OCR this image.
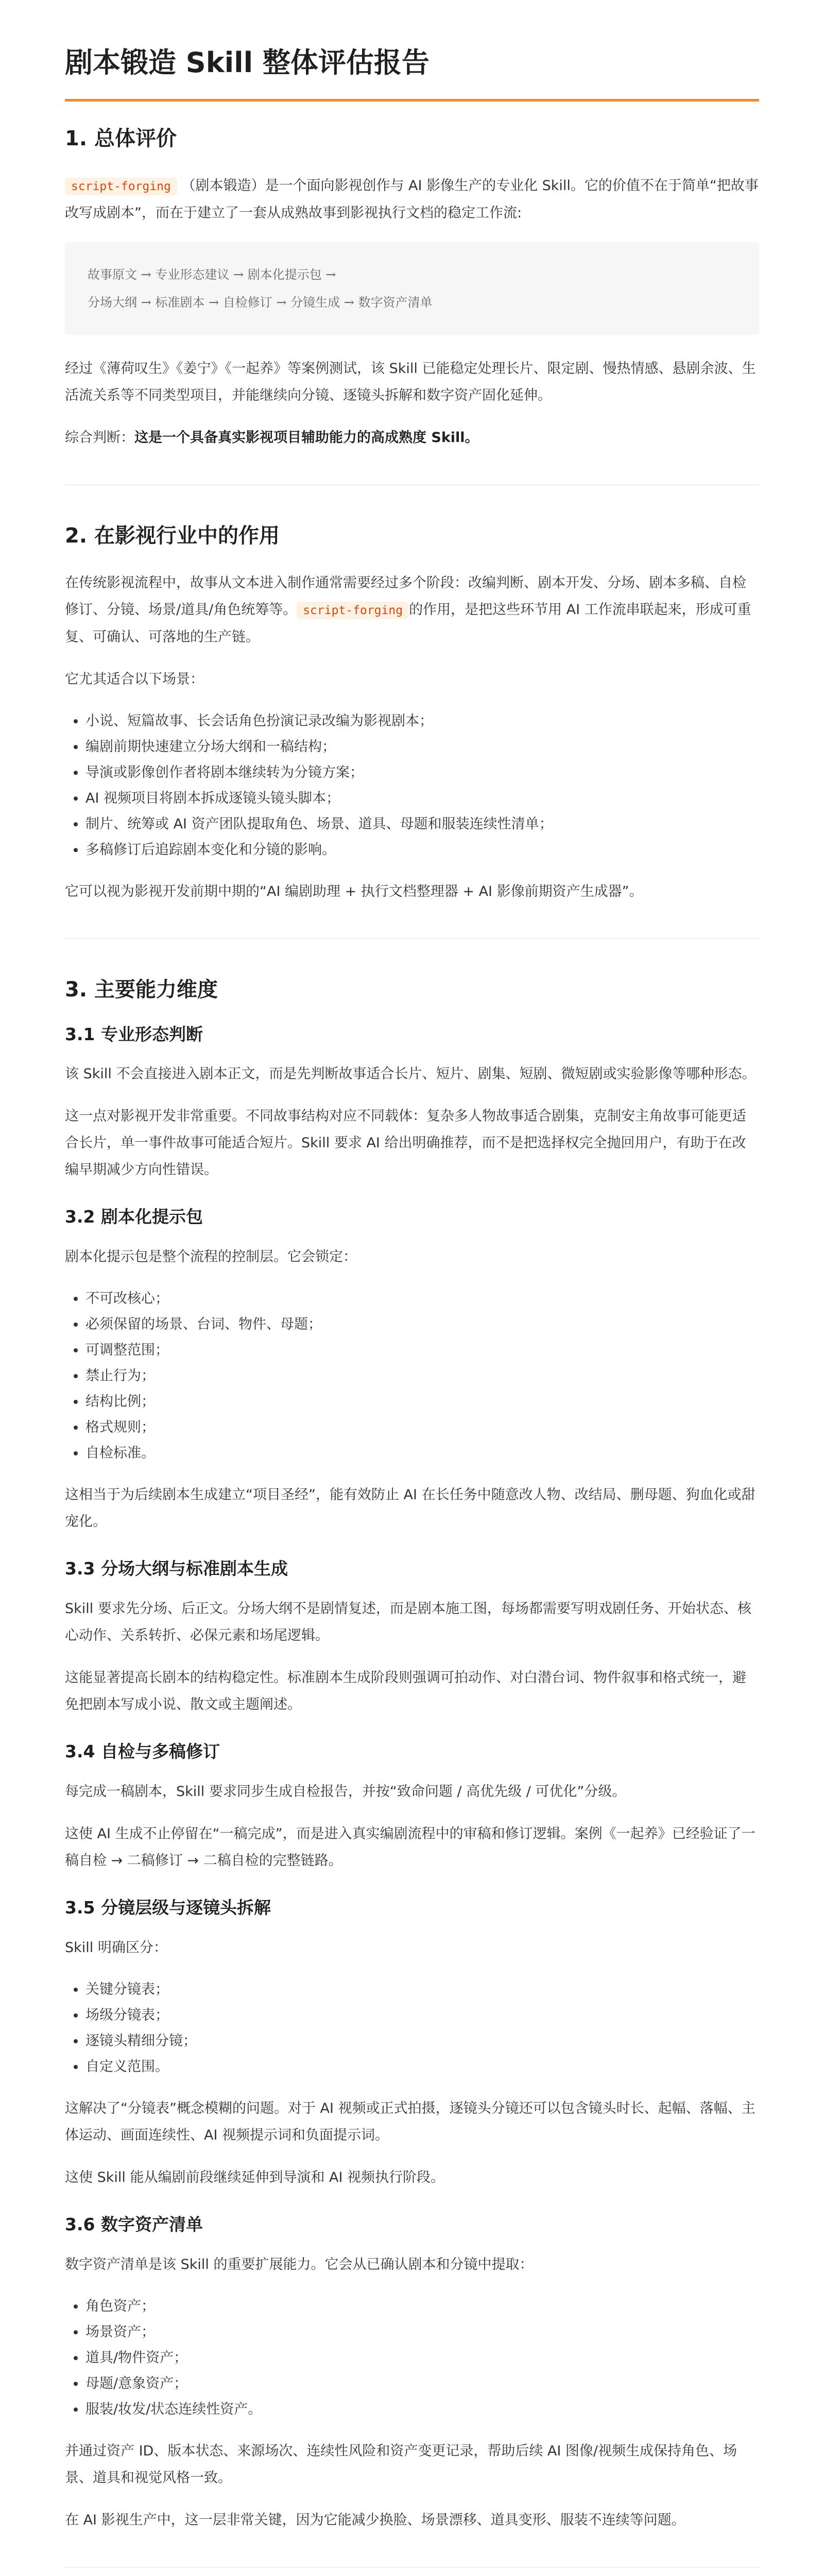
剧本锻造 Skill 整体评估报告
1. 总体评价

script-forging （剧本锻造）是一个面向影视创作与 AI 影像生产的专业化 Skill。它的价值不在于简单“把故事改写成剧本”，而在于建立了一套从成熟故事到影视执行文档的稳定工作流:

故事原文 → 专业形态建议 → 剧本化提示包 →
分场大纲 → 标准剧本 → 自检修订 → 分镜生成 → 数字资产清单

经过《薄荷叹生》《姜宁》《一起养》等案例测试，该 Skill 已能稳定处理长片、限定剧、慢热情感、悬剧余波、生活流关系等不同类型项目，并能继续向分镜、逐镜头拆解和数字资产固化延伸。

综合判断：这是一个具备真实影视项目辅助能力的高成熟度 Skill。

2. 在影视行业中的作用

在传统影视流程中，故事从文本进入制作通常需要经过多个阶段：改编判断、剧本开发、分场、剧本多稿、自检修订、分镜、场景/道具/角色统筹等。 script-forging 的作用，是把这些环节用 AI 工作流串联起来，形成可重复、可确认、可落地的生产链。

它尤其适合以下场景：

• 小说、短篇故事、长会话角色扮演记录改编为影视剧本；
• 编剧前期快速建立分场大纲和一稿结构；
• 导演或影像创作者将剧本继续转为分镜方案；
• AI 视频项目将剧本拆成逐镜头镜头脚本；
• 制片、统筹或 AI 资产团队提取角色、场景、道具、母题和服装连续性清单；
• 多稿修订后追踪剧本变化和分镜的影响。

它可以视为影视开发前期中期的“AI 编剧助理 + 执行文档整理器 + AI 影像前期资产生成器”。

3. 主要能力维度
3.1 专业形态判断

该 Skill 不会直接进入剧本正文，而是先判断故事适合长片、短片、剧集、短剧、微短剧或实验影像等哪种形态。

这一点对影视开发非常重要。不同故事结构对应不同载体：复杂多人物故事适合剧集，克制安主角故事可能更适合长片，单一事件故事可能适合短片。Skill 要求 AI 给出明确推荐，而不是把选择权完全抛回用户，有助于在改编早期减少方向性错误。

3.2 剧本化提示包

剧本化提示包是整个流程的控制层。它会锁定：

• 不可改核心；
• 必须保留的场景、台词、物件、母题；
• 可调整范围；
• 禁止行为；
• 结构比例；
• 格式规则；
• 自检标准。

这相当于为后续剧本生成建立“项目圣经”，能有效防止 AI 在长任务中随意改人物、改结局、删母题、狗血化或甜宠化。

3.3 分场大纲与标准剧本生成

Skill 要求先分场、后正文。分场大纲不是剧情复述，而是剧本施工图，每场都需要写明戏剧任务、开始状态、核心动作、关系转折、必保元素和场尾逻辑。

这能显著提高长剧本的结构稳定性。标准剧本生成阶段则强调可拍动作、对白潜台词、物件叙事和格式统一，避免把剧本写成小说、散文或主题阐述。

3.4 自检与多稿修订

每完成一稿剧本，Skill 要求同步生成自检报告，并按“致命问题 / 高优先级 / 可优化”分级。

这使 AI 生成不止停留在“一稿完成”，而是进入真实编剧流程中的审稿和修订逻辑。案例《一起养》已经验证了一稿自检 → 二稿修订 → 二稿自检的完整链路。

3.5 分镜层级与逐镜头拆解

Skill 明确区分：

• 关键分镜表；
• 场级分镜表；
• 逐镜头精细分镜；
• 自定义范围。

这解决了“分镜表”概念模糊的问题。对于 AI 视频或正式拍摄，逐镜头分镜还可以包含镜头时长、起幅、落幅、主体运动、画面连续性、AI 视频提示词和负面提示词。

这使 Skill 能从编剧前段继续延伸到导演和 AI 视频执行阶段。

3.6 数字资产清单

数字资产清单是该 Skill 的重要扩展能力。它会从已确认剧本和分镜中提取：

• 角色资产；
• 场景资产；
• 道具/物件资产；
• 母题/意象资产；
• 服装/妆发/状态连续性资产。

并通过资产 ID、版本状态、来源场次、连续性风险和资产变更记录，帮助后续 AI 图像/视频生成保持角色、场景、道具和视觉风格一致。

在 AI 影视生产中，这一层非常关键，因为它能减少换脸、场景漂移、道具变形、服装不连续等问题。
